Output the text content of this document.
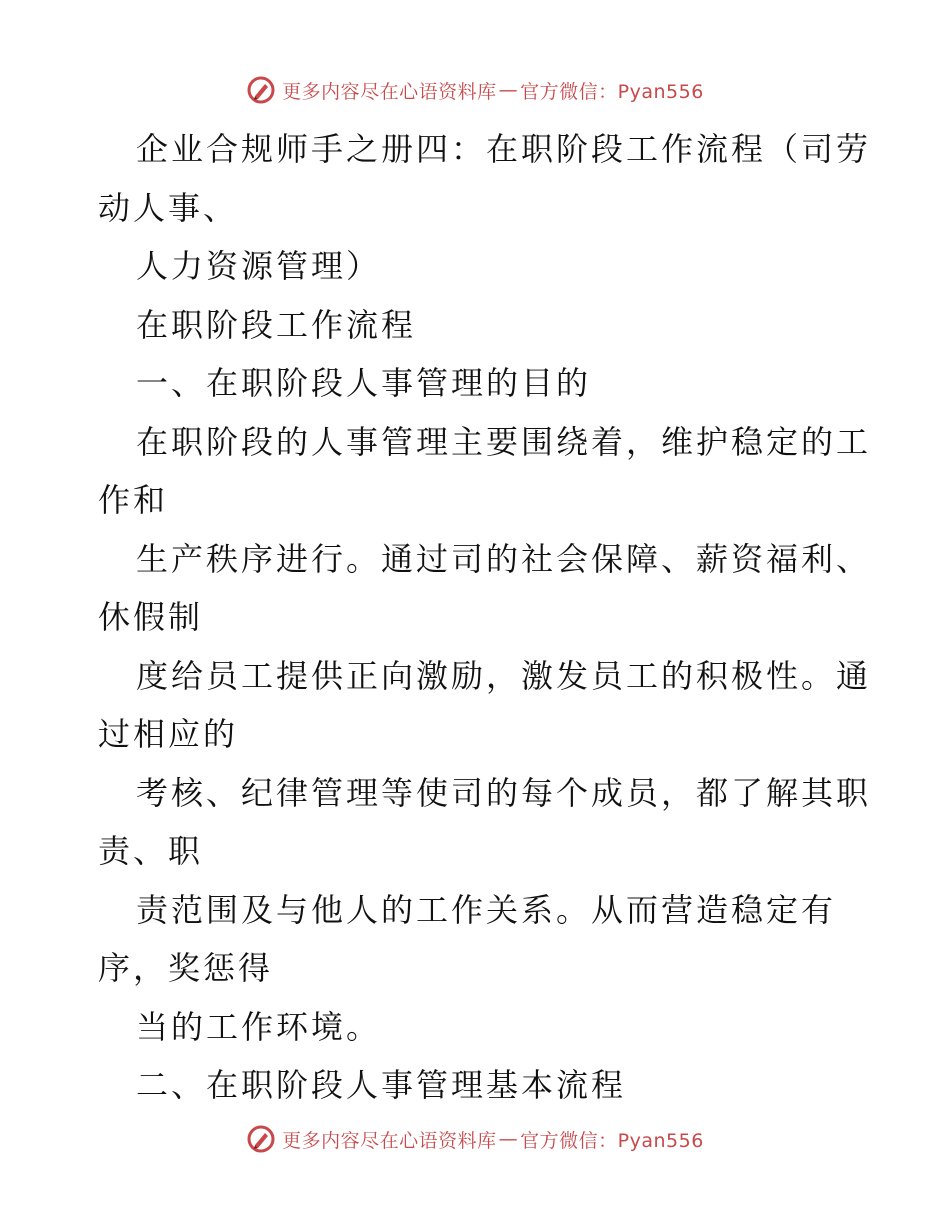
更多内容尽在心语资料库 — 官方微信：Pyan556
企业合规师手之册四：在职阶段工作流程（司劳
动人事、
人力资源管理）
在职阶段工作流程
一、在职阶段人事管理的目的
在职阶段的人事管理主要围绕着，维护稳定的工
作和
生产秩序进行。通过司的社会保障、薪资福利、
休假制
度给员工提供正向激励，激发员工的积极性。通
过相应的
考核、纪律管理等使司的每个成员，都了解其职
责、职
责范围及与他人的工作关系。从而营造稳定有
序，奖惩得
当的工作环境。
二、在职阶段人事管理基本流程
更多内容尽在心语资料库 — 官方微信：Pyan556
